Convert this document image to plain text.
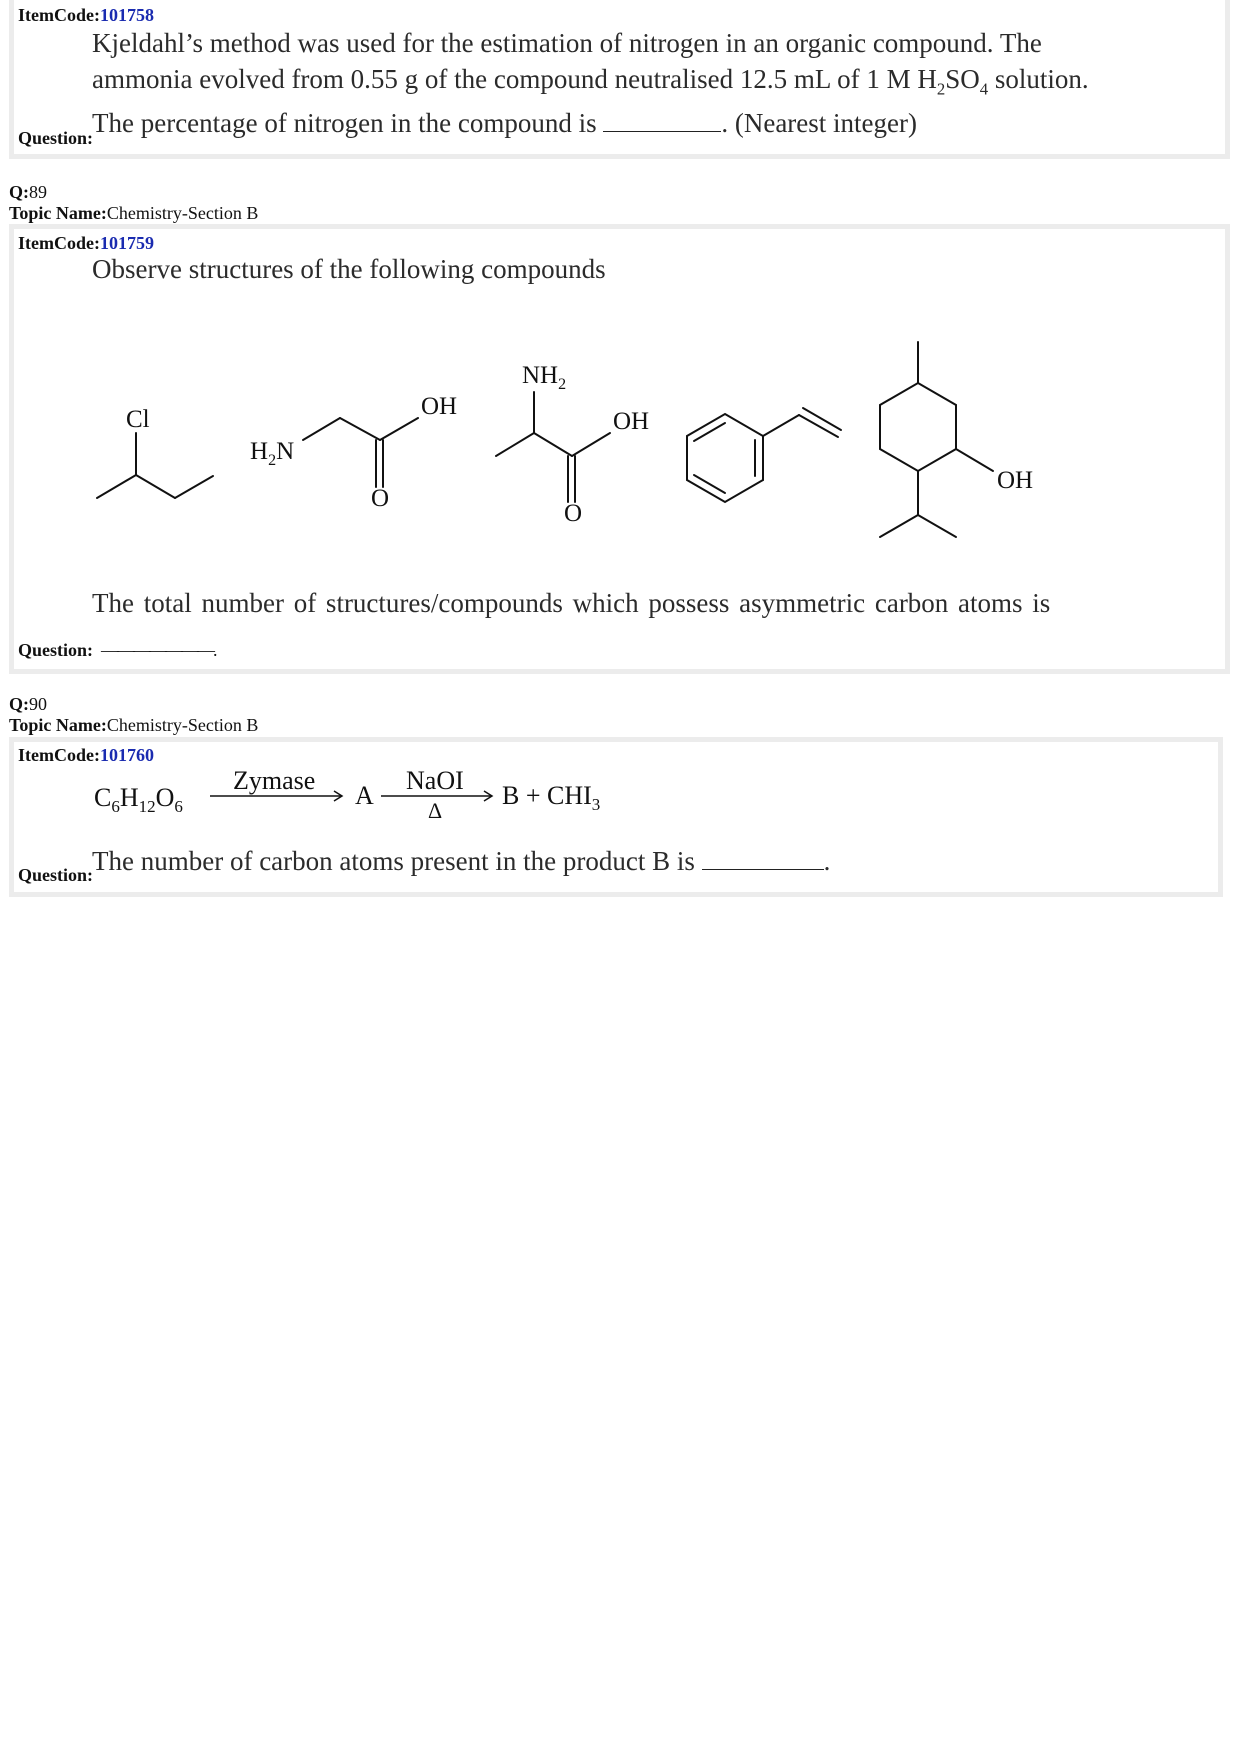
ItemCode:101758
Kjeldahl’s method was used for the estimation of nitrogen in an organic compound. The
ammonia evolved from 0.55 g of the compound neutralised 12.5 mL of 1 M $H_2SO_4$ solution.
The percentage of nitrogen in the compound is	. (Nearest integer)
Question:
Q:89
Topic Name:Chemistry-Section B
ItemCode:101759
Observe structures of the following compounds
Cl
$H_2N$
OH
O
$NH_2$
OH
O
OH
The total number of structures/compounds which possess asymmetric carbon atoms is
Question: ———————.
Q:90
Topic Name:Chemistry-Section B
ItemCode:101760
$C_6H_{12}O_6$
Zymase
A
NaOI
Δ
$B + CHI_3$
The number of carbon atoms present in the product B is	.
Question:
